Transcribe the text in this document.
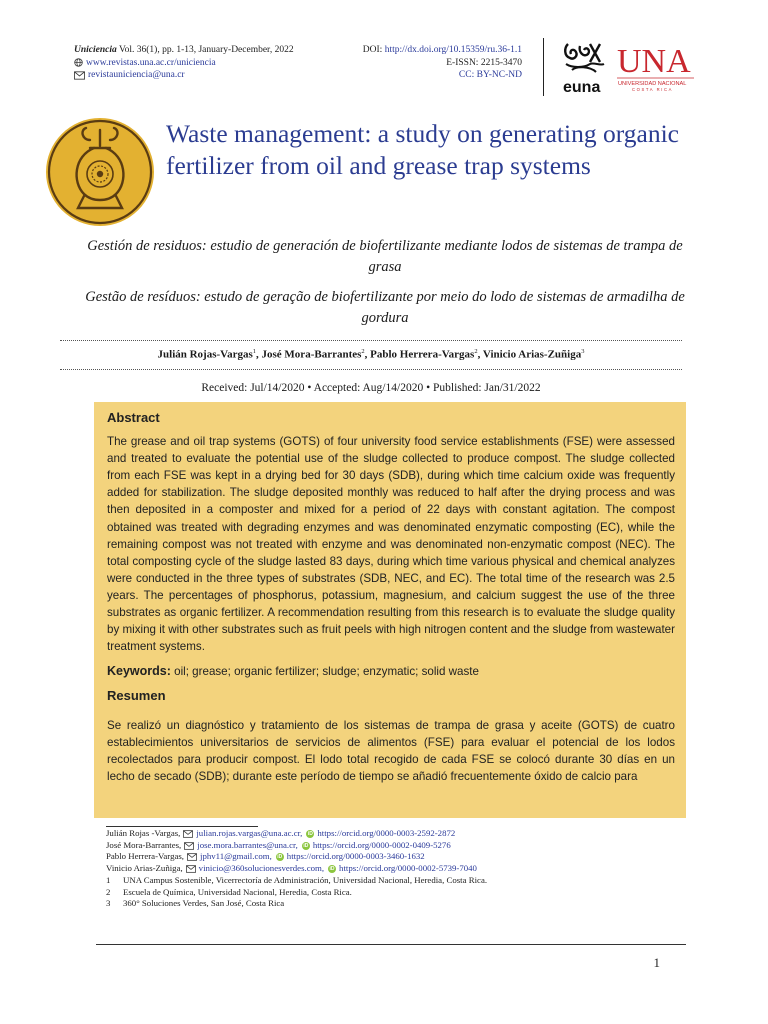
Uniciencia Vol. 36(1), pp. 1-13, January-December, 2022
www.revistas.una.ac.cr/uniciencia
revistauniciencia@una.cr
DOI: http://dx.doi.org/10.15359/ru.36-1.1
E-ISSN: 2215-3470
CC: BY-NC-ND
euna
UNA
UNIVERSIDAD NACIONAL
COSTA RICA
Waste management: a study on generating organic fertilizer from oil and grease trap systems
Gestión de residuos: estudio de generación de biofertilizante mediante lodos de sistemas de trampa de grasa
Gestão de resíduos: estudo de geração de biofertilizante por meio do lodo de sistemas de armadilha de gordura
Julián Rojas-Vargas$^1$, José Mora-Barrantes$^2$, Pablo Herrera-Vargas$^2$, Vinicio Arias-Zuñiga$^3$
Received: Jul/14/2020 • Accepted: Aug/14/2020 • Published: Jan/31/2022
Abstract

The grease and oil trap systems (GOTS) of four university food service establishments (FSE) were assessed and treated to evaluate the potential use of the sludge collected to produce compost. The sludge collected from each FSE was kept in a drying bed for 30 days (SDB), during which time calcium oxide was frequently added for stabilization. The sludge deposited monthly was reduced to half after the drying process and was then deposited in a composter and mixed for a period of 22 days with constant agitation. The compost obtained was treated with degrading enzymes and was denominated enzymatic composting (EC), while the remaining compost was not treated with enzyme and was denominated non-enzymatic compost (NEC). The total composting cycle of the sludge lasted 83 days, during which time various physical and chemical analyzes were conducted in the three types of substrates (SDB, NEC, and EC). The total time of the research was 2.5 years. The percentages of phosphorus, potassium, magnesium, and calcium suggest the use of the three substrates as organic fertilizer. A recommendation resulting from this research is to evaluate the sludge quality by mixing it with other substrates such as fruit peels with high nitrogen content and the sludge from wastewater treatment systems.

Keywords: oil; grease; organic fertilizer; sludge; enzymatic; solid waste
Resumen

Se realizó un diagnóstico y tratamiento de los sistemas de trampa de grasa y aceite (GOTS) de cuatro establecimientos universitarios de servicios de alimentos (FSE) para evaluar el potencial de los lodos recolectados para producir compost. El lodo total recogido de cada FSE se colocó durante 30 días en un lecho de secado (SDB); durante este período de tiempo se añadió frecuentemente óxido de calcio para

Julián Rojas -Vargas, julian.rojas.vargas@una.ac.cr,	iD https://orcid.org/0000-0003-2592-2872
José Mora-Barrantes, jose.mora.barrantes@una.cr,	iD https://orcid.org/0000-0002-0409-5276
Pablo Herrera-Vargas, jphv11@gmail.com,	iD https://orcid.org/0000-0003-3460-1632
Vinicio Arias-Zuñiga, vinicio@360solucionesverdes.com,	iD https://orcid.org/0000-0002-5739-7040
1	UNA Campus Sostenible, Vicerrectoría de Administración, Universidad Nacional, Heredia, Costa Rica.
2	Escuela de Química, Universidad Nacional, Heredia, Costa Rica.
3	360° Soluciones Verdes, San José, Costa Rica
1
